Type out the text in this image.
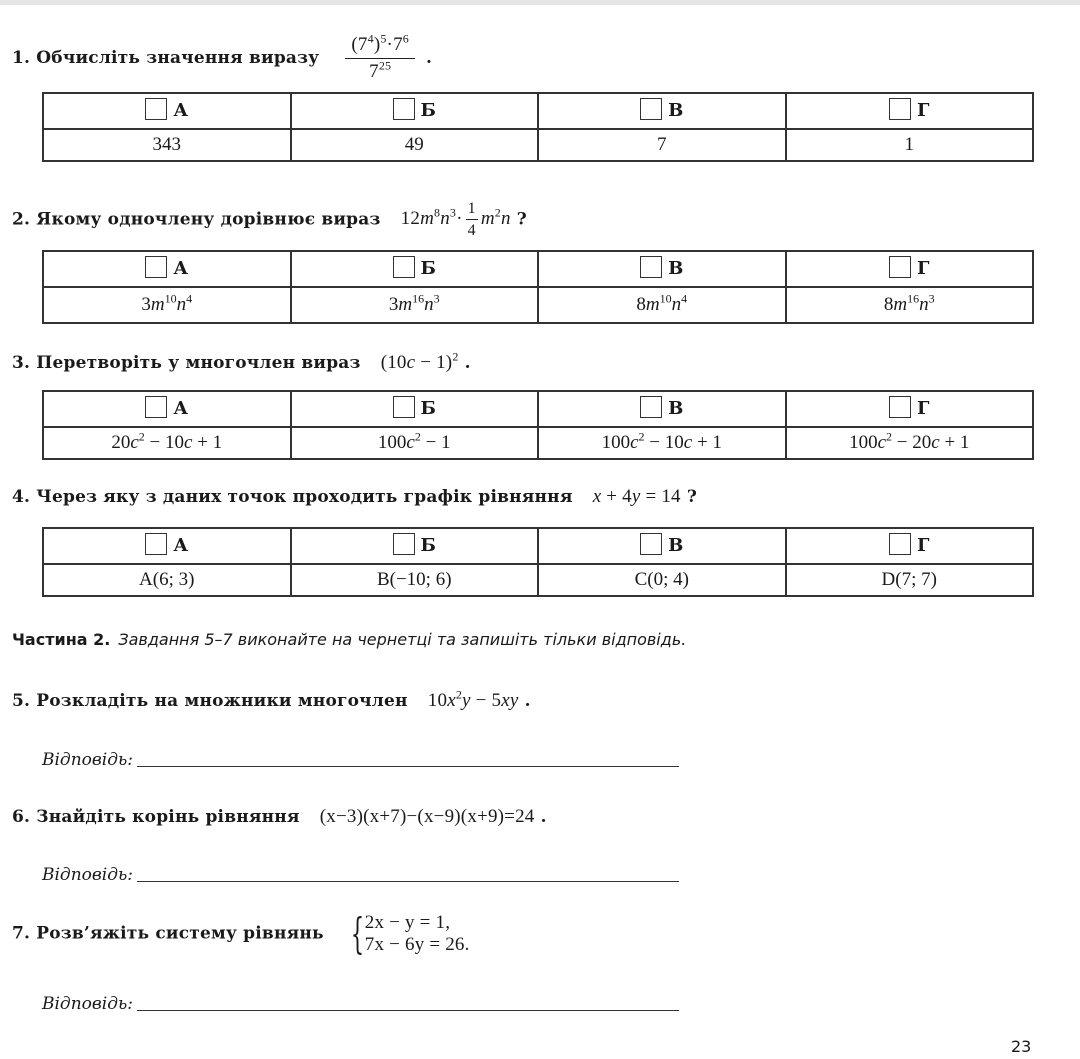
1. Обчисліть значення виразу $\frac{(7^4)^5\cdot 7^6}{7^{25}}$ .
А	Б	В	Г
343	49	7	1
2. Якому одночлену дорівнює вираз $12m^8n^3\cdot \frac{1}{4} m^2n$ ?
А	Б	В	Г
$3m^{10}n^4$	$3m^{16}n^3$	$8m^{10}n^4$	$8m^{16}n^3$
3. Перетворіть у многочлен вираз $(10c - 1)^2$ .
А	Б	В	Г
$20c^2 - 10c + 1$	$100c^2 - 1$	$100c^2 - 10c + 1$	$100c^2 - 20c + 1$
4. Через яку з даних точок проходить графік рівняння x + 4y = 14 ?
А	Б	В	Г
A(6; 3)	B(−10; 6)	C(0; 4)	D(7; 7)
Частина 2. Завдання 5–7 виконайте на чернетці та запишіть тільки відповідь.
5. Розкладіть на множники многочлен $10x^2y - 5xy$ .
Відповідь:
6. Знайдіть корінь рівняння (x−3)(x+7)−(x−9)(x+9)=24 .
Відповідь:
7. Розв’яжіть систему рівнянь {2x − y = 1,
7x − 6y = 26.
Відповідь:
23
